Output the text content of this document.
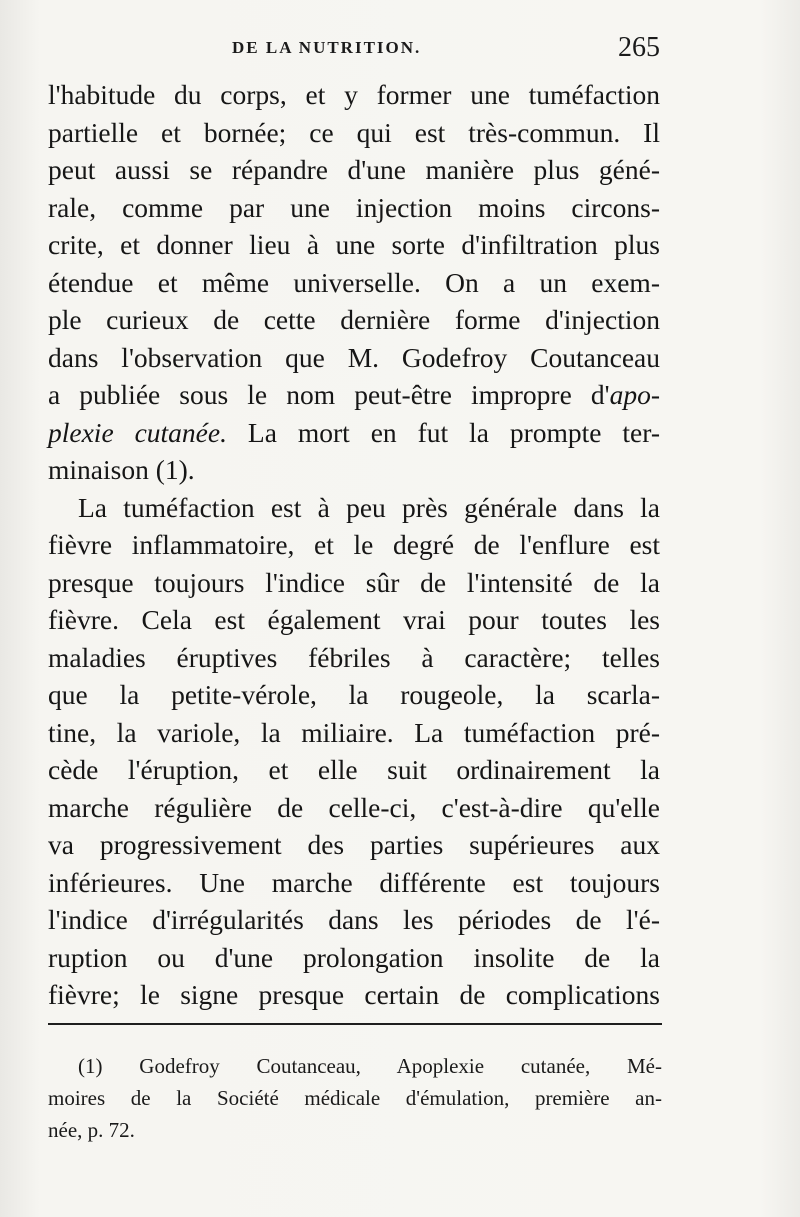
DE LA NUTRITION.	265
l'habitude du corps, et y former une tuméfaction
partielle et bornée; ce qui est très-commun. Il
peut aussi se répandre d'une manière plus géné-
rale, comme par une injection moins circons-
crite, et donner lieu à une sorte d'infiltration plus
étendue et même universelle. On a un exem-
ple curieux de cette dernière forme d'injection
dans l'observation que M. Godefroy Coutanceau
a publiée sous le nom peut-être impropre d'apo-
plexie cutanée. La mort en fut la prompte ter-
minaison (1).
La tuméfaction est à peu près générale dans la
fièvre inflammatoire, et le degré de l'enflure est
presque toujours l'indice sûr de l'intensité de la
fièvre. Cela est également vrai pour toutes les
maladies éruptives fébriles à caractère; telles
que la petite-vérole, la rougeole, la scarla-
tine, la variole, la miliaire. La tuméfaction pré-
cède l'éruption, et elle suit ordinairement la
marche régulière de celle-ci, c'est-à-dire qu'elle
va progressivement des parties supérieures aux
inférieures. Une marche différente est toujours
l'indice d'irrégularités dans les périodes de l'é-
ruption ou d'une prolongation insolite de la
fièvre; le signe presque certain de complications
(1) Godefroy Coutanceau, Apoplexie cutanée, Mé-
moires de la Société médicale d'émulation, première an-
née, p. 72.
